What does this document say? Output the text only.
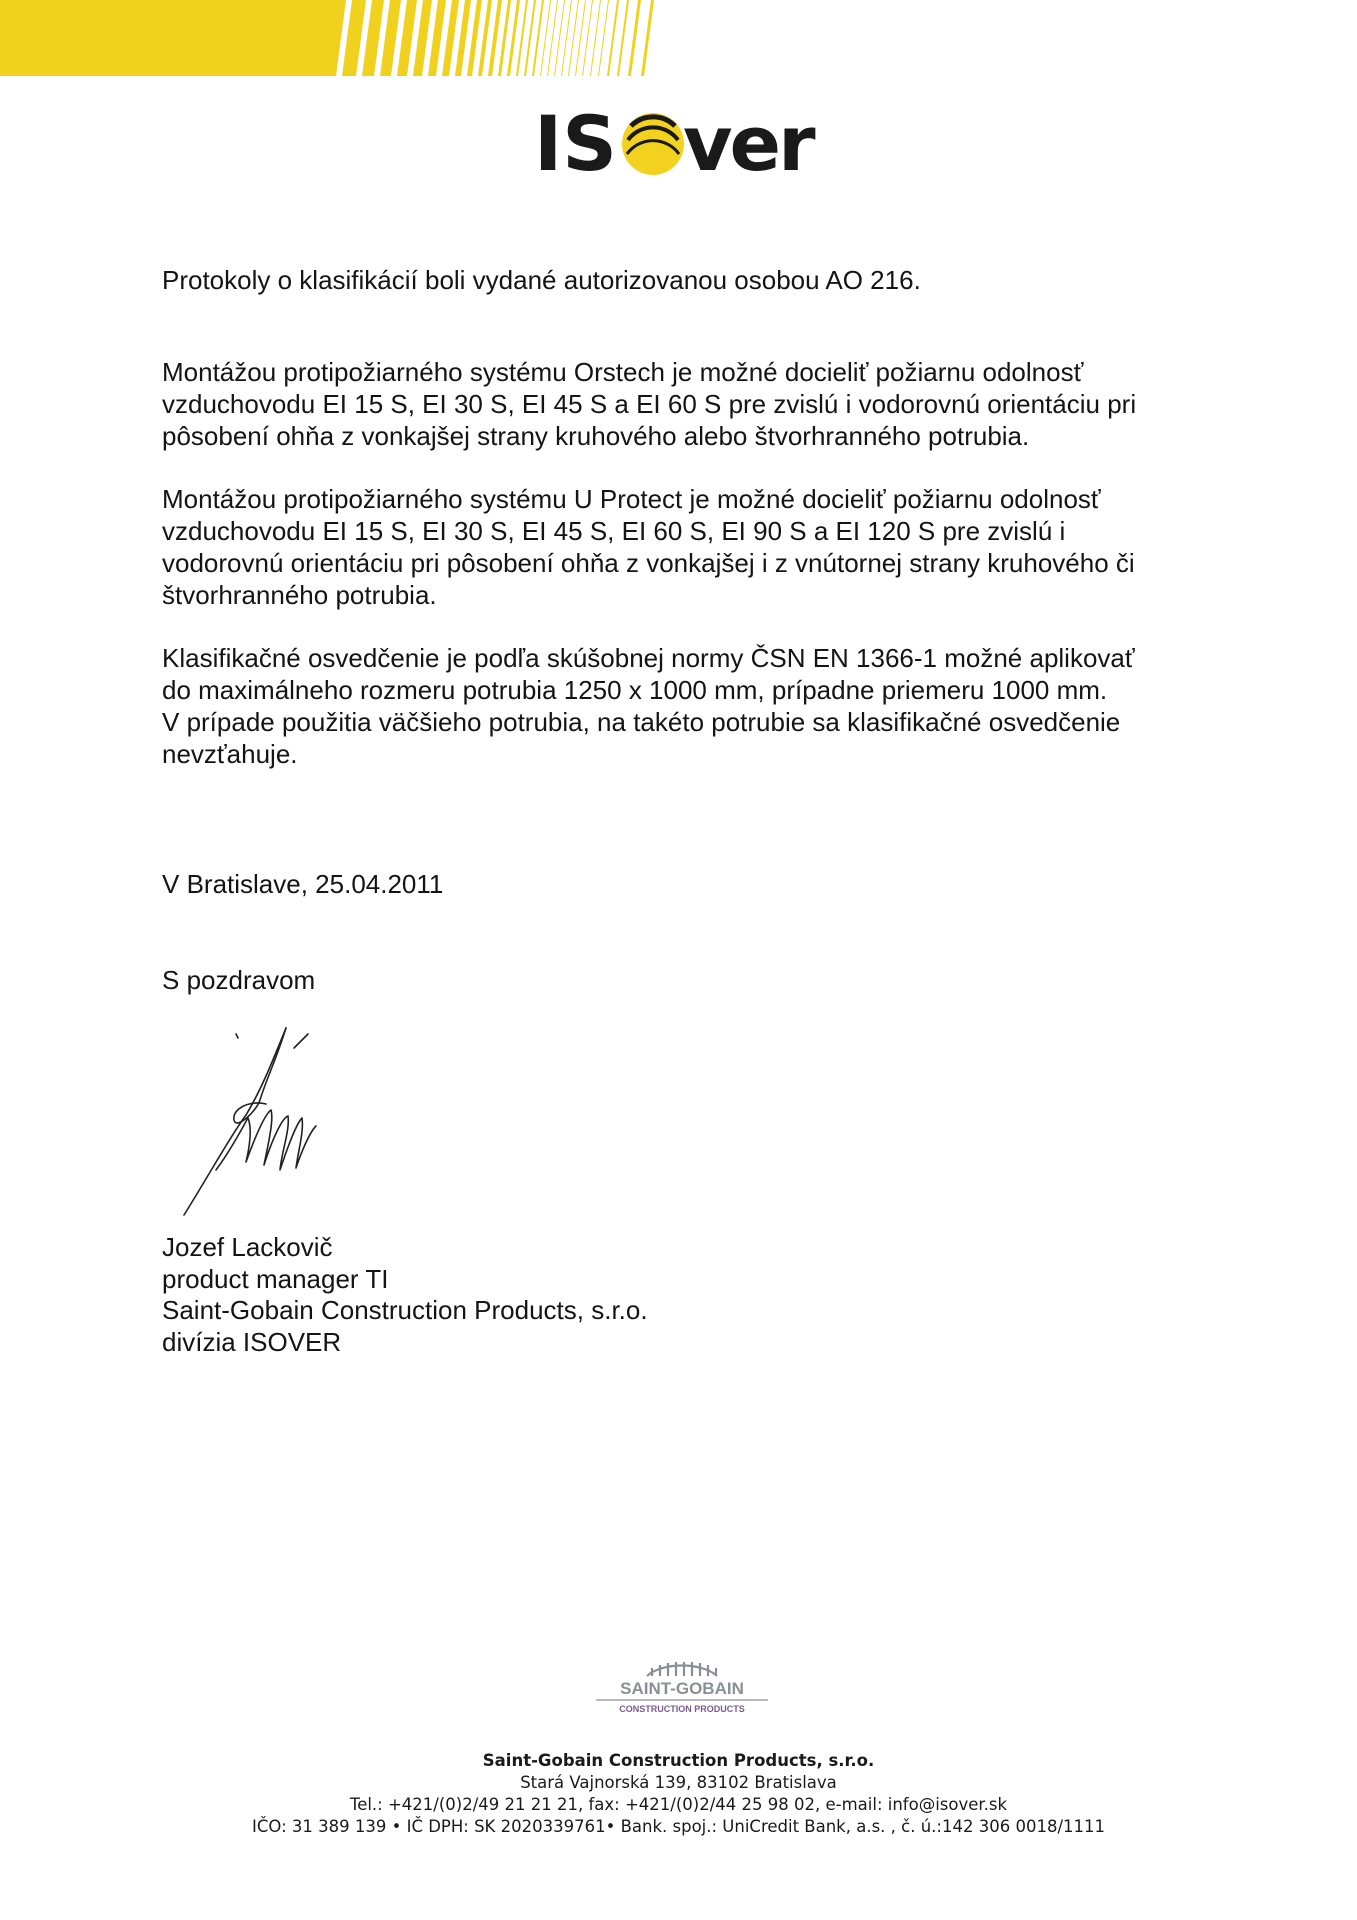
IS ver

Protokoly o klasifikácií boli vydané autorizovanou osobou AO 216.

Montážou protipožiarného systému Orstech je možné docieliť požiarnu odolnosť
vzduchovodu EI 15 S, EI 30 S, EI 45 S a EI 60 S pre zvislú i vodorovnú orientáciu pri
pôsobení ohňa z vonkajšej strany kruhového alebo štvorhranného potrubia.

Montážou protipožiarného systému U Protect je možné docieliť požiarnu odolnosť
vzduchovodu EI 15 S, EI 30 S, EI 45 S, EI 60 S, EI 90 S a EI 120 S pre zvislú i
vodorovnú orientáciu pri pôsobení ohňa z vonkajšej i z vnútornej strany kruhového či
štvorhranného potrubia.

Klasifikačné osvedčenie je podľa skúšobnej normy ČSN EN 1366-1 možné aplikovať
do maximálneho rozmeru potrubia 1250 x 1000 mm, prípadne priemeru 1000 mm.
V prípade použitia väčšieho potrubia, na takéto potrubie sa klasifikačné osvedčenie
nevzťahuje.

V Bratislave, 25.04.2011
S pozdravom
Jozef Lackovič
product manager TI
Saint-Gobain Construction Products, s.r.o.
divízia ISOVER
SAINT-GOBAIN
CONSTRUCTION PRODUCTS
Saint-Gobain Construction Products, s.r.o.
Stará Vajnorská 139, 83102 Bratislava
Tel.: +421/(0)2/49 21 21 21, fax: +421/(0)2/44 25 98 02, e-mail: info@isover.sk
IČO: 31 389 139 • IČ DPH: SK 2020339761• Bank. spoj.: UniCredit Bank, a.s. , č. ú.:142 306 0018/1111
